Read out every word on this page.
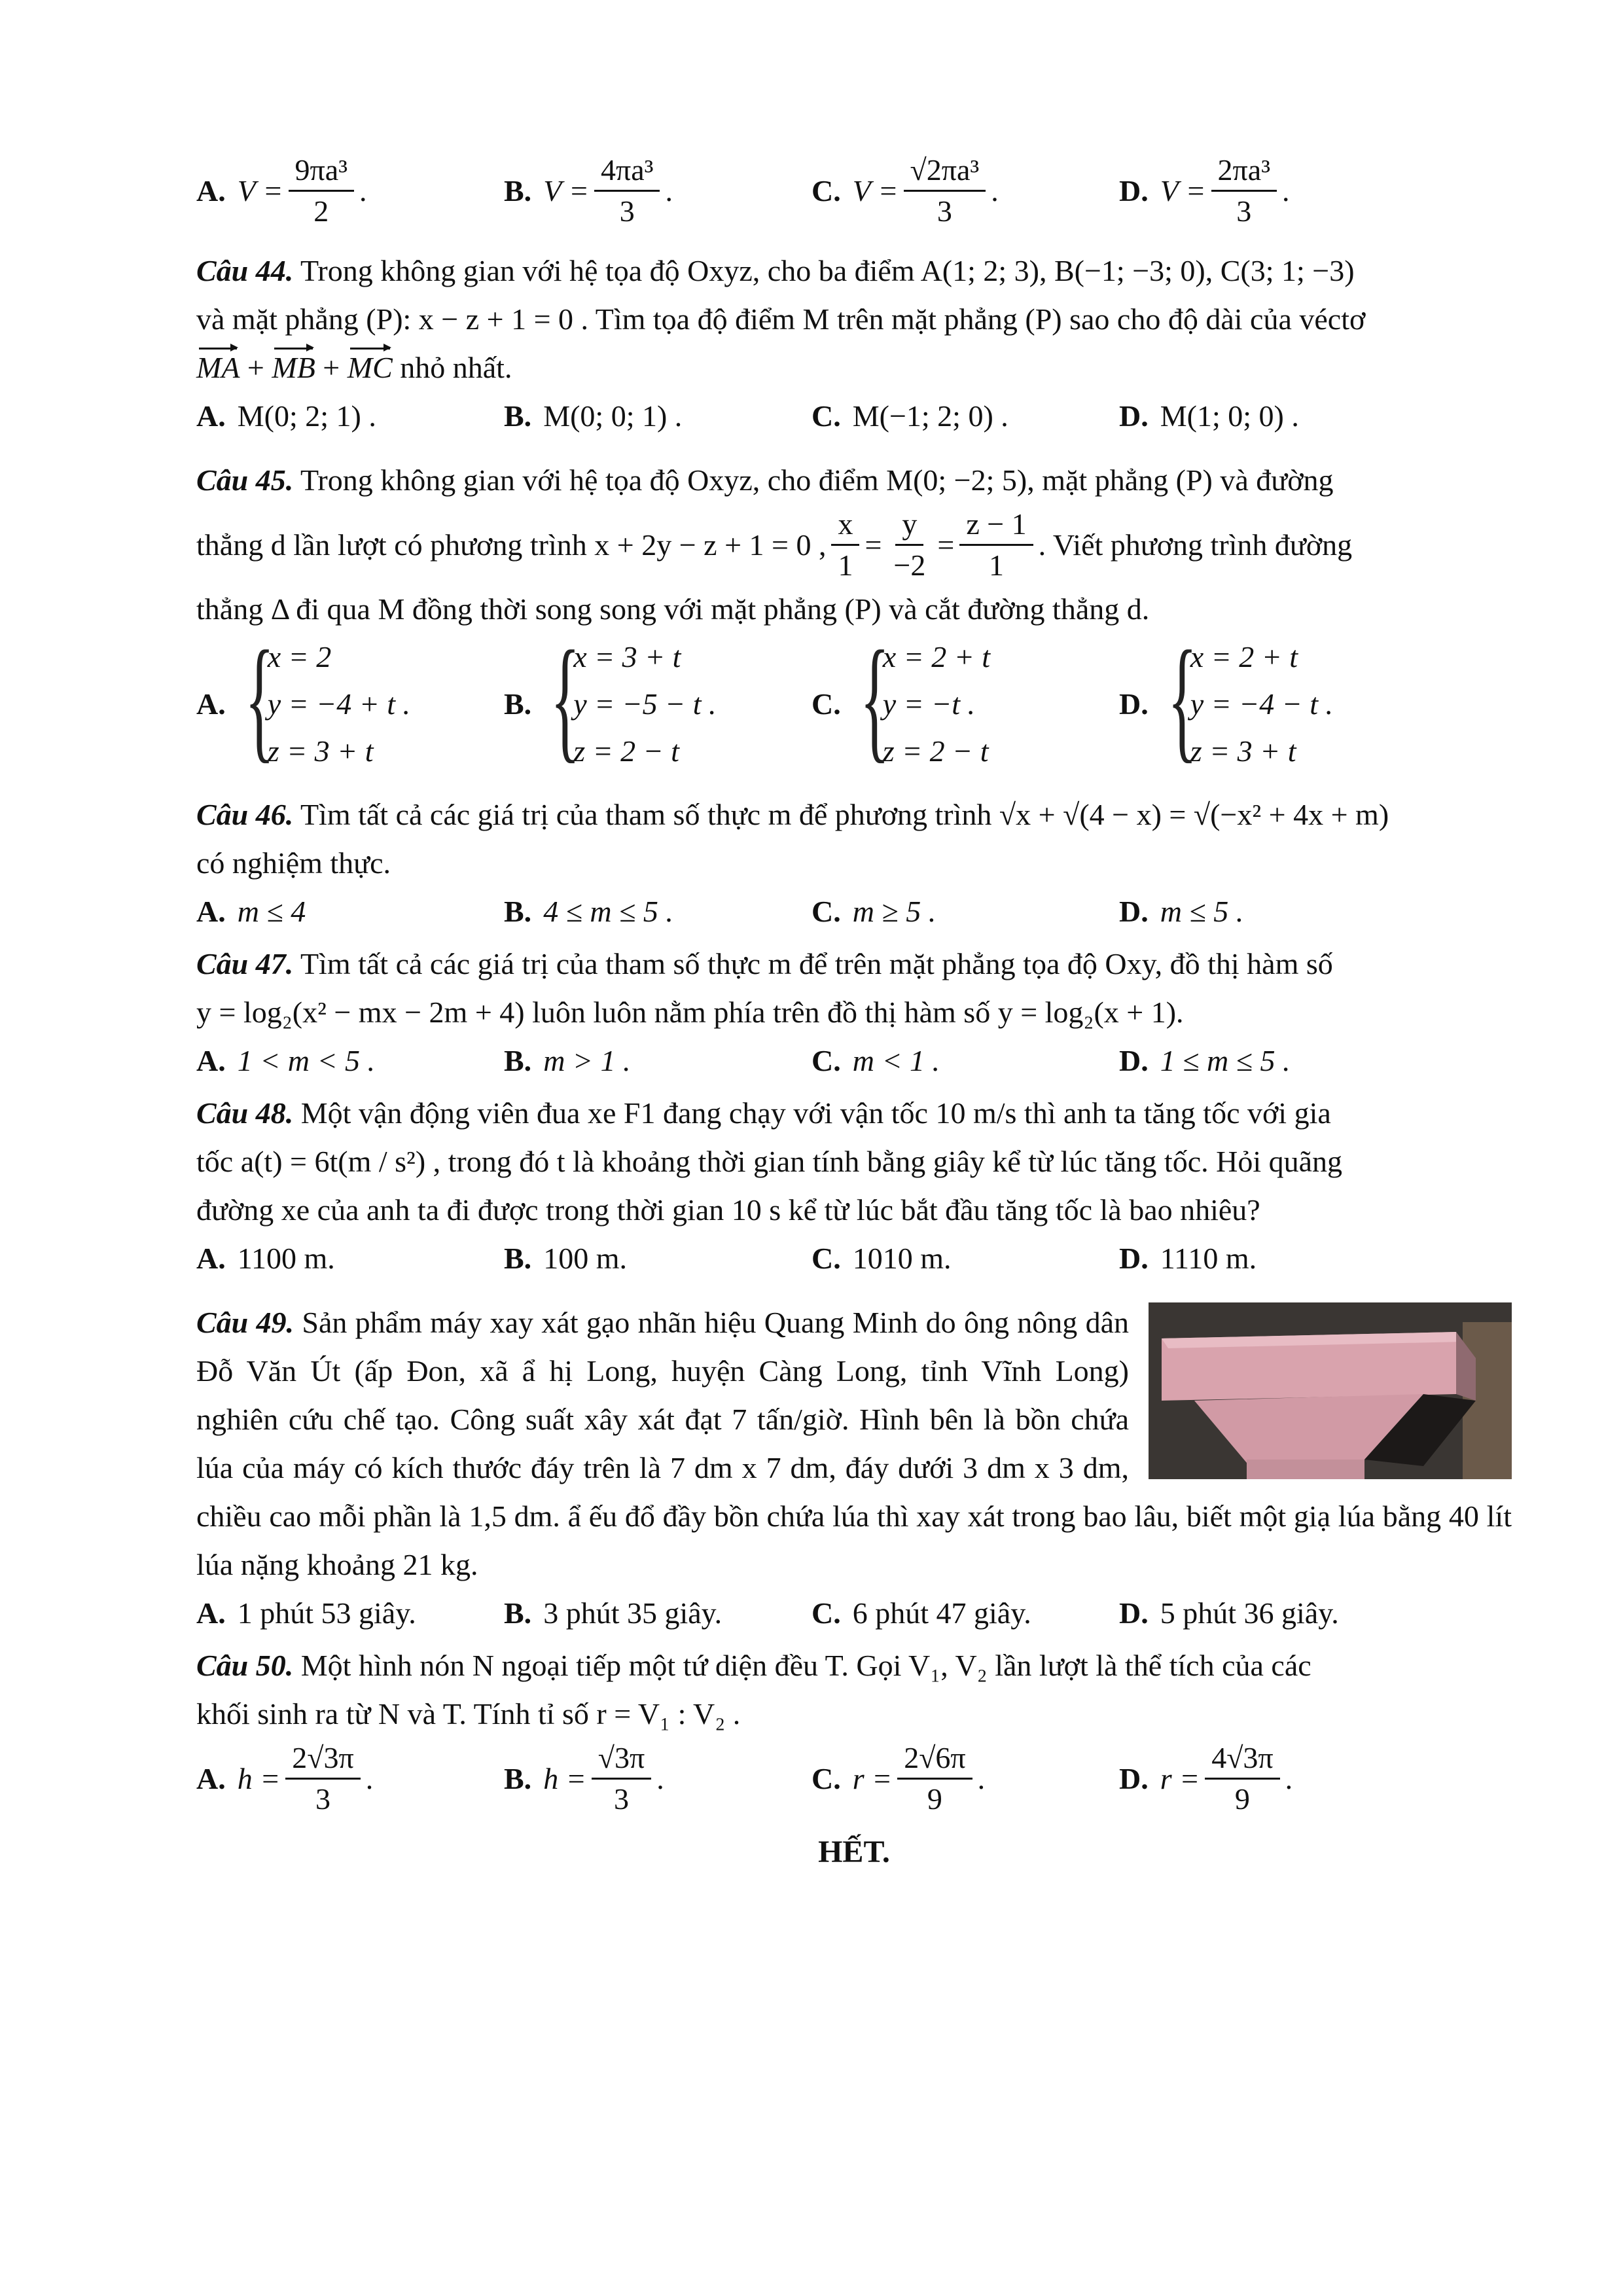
A. $V = \frac{\text{9πa³}}{2}$ .	B. $V = \frac{\text{4πa³}}{3}$ .	C. $V = \frac{\text{√2πa³}}{3}$ .	D. $V = \frac{\text{2πa³}}{3}$ .

Câu 44. Trong không gian với hệ tọa độ Oxyz, cho ba điểm A(1; 2; 3), B(−1; −3; 0), C(3; 1; −3)

và mặt phẳng (P): x − z + 1 = 0 . Tìm tọa độ điểm M trên mặt phẳng (P) sao cho độ dài của véctơ

MA + MB + MC nhỏ nhất.

A. M(0; 2; 1) .	B. M(0; 0; 1) .	C. M(−1; 2; 0) .	D. M(1; 0; 0) .

Câu 45. Trong không gian với hệ tọa độ Oxyz, cho điểm M(0; −2; 5), mặt phẳng (P) và đường

thẳng d lần lượt có phương trình x + 2y − z + 1 = 0 , $\frac{x}{1} = \frac{y}{-2} = \frac{z - 1}{1}$ . Viết phương trình đường

thẳng Δ đi qua M đồng thời song song với mặt phẳng (P) và cắt đường thẳng d.

A. {
x = 2
y = −4 + t .
z = 3 + t
B. {
x = 3 + t
y = −5 − t .
z = 2 − t
C. {
x = 2 + t
y = −t .
z = 2 − t
D. {
x = 2 + t
y = −4 − t .
z = 3 + t

Câu 46. Tìm tất cả các giá trị của tham số thực m để phương trình √x + √(4 − x) = √(−x² + 4x + m)

có nghiệm thực.

A. m ≤ 4	B. 4 ≤ m ≤ 5 .	C. m ≥ 5 .	D. m ≤ 5 .

Câu 47. Tìm tất cả các giá trị của tham số thực m để trên mặt phẳng tọa độ Oxy, đồ thị hàm số

y = log₂(x² − mx − 2m + 4) luôn luôn nằm phía trên đồ thị hàm số y = log₂(x + 1).

A. 1 < m < 5 .	B. m > 1 .	C. m < 1 .	D. 1 ≤ m ≤ 5 .

Câu 48. Một vận động viên đua xe F1 đang chạy với vận tốc 10 m/s thì anh ta tăng tốc với gia

tốc a(t) = 6t(m / s²) , trong đó t là khoảng thời gian tính bằng giây kể từ lúc tăng tốc. Hỏi quãng

đường xe của anh ta đi được trong thời gian 10 s kể từ lúc bắt đầu tăng tốc là bao nhiêu?

A. 1100 m.	B. 100 m.	C. 1010 m.	D. 1110 m.

Câu 49. Sản phẩm máy xay xát gạo nhãn hiệu Quang Minh do ông nông dân Đỗ Văn Út (ấp Đon, xã ẩ hị Long, huyện Càng Long, tỉnh Vĩnh Long) nghiên cứu chế tạo. Công suất xây xát đạt 7 tấn/giờ. Hình bên là bồn chứa lúa của máy có kích thước đáy trên là 7 dm x 7 dm, đáy dưới 3 dm x 3 dm, chiều cao mỗi phần là 1,5 dm. ẩ ếu đổ đầy bồn chứa lúa thì xay xát trong bao lâu, biết một giạ lúa bằng 40 lít lúa nặng khoảng 21 kg.

A. 1 phút 53 giây.	B. 3 phút 35 giây.	C. 6 phút 47 giây.	D. 5 phút 36 giây.

Câu 50. Một hình nón N ngoại tiếp một tứ diện đều T. Gọi V₁, V₂ lần lượt là thể tích của các

khối sinh ra từ N và T. Tính tỉ số r = V₁ : V₂ .

A. $h = \frac{2√3\pi}{3}$ .	B. $h = \frac{√3\pi}{3}$ .	C. $r = \frac{2√6\pi}{9}$ .	D. $r = \frac{4√3\pi}{9}$ .
HẾT.
